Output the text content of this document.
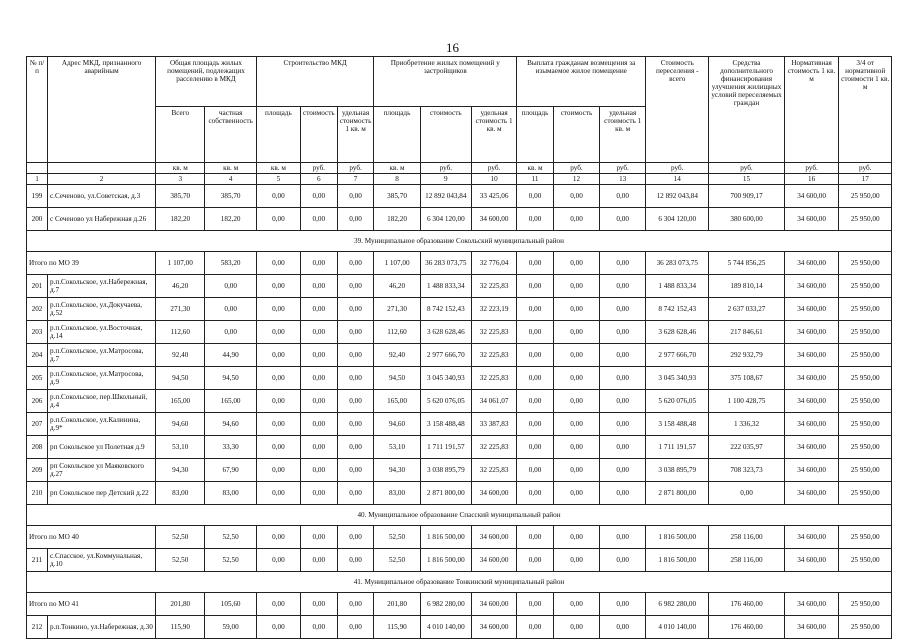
16
№ п/п	Адрес МКД, признанного аварийным	Общая площадь жилых помещений, подлежащих расселению в МКД		Строительство МКД			Приобретение жилых помещений у застройщиков			Выплата гражданам возмещения за изымаемое жилое помещение			Стоимость переселения - всего	Средства дополнительного финансирования улучшения жилищных условий переселяемых граждан	Нормативная стоимость 1 кв. м	3/4 от нормативной стоимости 1 кв. м
		Всего	частная собственность	площадь	стоимость	удельная стоимость 1 кв. м	площадь	стоимость	удельная стоимость 1 кв. м	площадь	стоимость	удельная стоимость 1 кв. м				
		кв. м	кв. м	кв. м	руб.	руб.	кв. м	руб.	руб.	кв. м	руб.	руб.	руб.	руб.	руб.	руб.
1	2	3	4	5	6	7	8	9	10	11	12	13	14	15	16	17
199	с.Сеченово, ул.Советская, д.3	385,70	385,70	0,00	0,00	0,00	385,70	12 892 043,84	33 425,06	0,00	0,00	0,00	12 892 043,84	700 909,17	34 600,00	25 950,00
200	с Сеченово ул Набережная д.26	182,20	182,20	0,00	0,00	0,00	182,20	6 304 120,00	34 600,00	0,00	0,00	0,00	6 304 120,00	380 600,00	34 600,00	25 950,00
39. Муниципальное образование Сокольский муниципальный район																
Итого по МО 39		1 107,00	583,20	0,00	0,00	0,00	1 107,00	36 283 073,75	32 776,04	0,00	0,00	0,00	36 283 073,75	5 744 856,25	34 600,00	25 950,00
201	р.п.Сокольское, ул.Набережная, д.7	46,20	0,00	0,00	0,00	0,00	46,20	1 488 833,34	32 225,83	0,00	0,00	0,00	1 488 833,34	189 810,14	34 600,00	25 950,00
202	р.п.Сокольское, ул.Докучаева, д.52	271,30	0,00	0,00	0,00	0,00	271,30	8 742 152,43	32 223,19	0,00	0,00	0,00	8 742 152,43	2 637 033,27	34 600,00	25 950,00
203	р.п.Сокольское, ул.Восточная, д.14	112,60	0,00	0,00	0,00	0,00	112,60	3 628 628,46	32 225,83	0,00	0,00	0,00	3 628 628,46	217 846,61	34 600,00	25 950,00
204	р.п.Сокольское, ул.Матросова, д.7	92,40	44,90	0,00	0,00	0,00	92,40	2 977 666,70	32 225,83	0,00	0,00	0,00	2 977 666,70	292 932,79	34 600,00	25 950,00
205	р.п.Сокольское, ул.Матросова, д.9	94,50	94,50	0,00	0,00	0,00	94,50	3 045 340,93	32 225,83	0,00	0,00	0,00	3 045 340,93	375 108,67	34 600,00	25 950,00
206	р.п.Сокольское, пер.Школьный, д.4	165,00	165,00	0,00	0,00	0,00	165,00	5 620 076,05	34 061,07	0,00	0,00	0,00	5 620 076,05	1 100 428,75	34 600,00	25 950,00
207	р.п.Сокольское, ул.Калинина, д.9*	94,60	94,60	0,00	0,00	0,00	94,60	3 158 488,48	33 387,83	0,00	0,00	0,00	3 158 488,48	1 336,32	34 600,00	25 950,00
208	рп Сокольское ул Полетная д.9	53,10	33,30	0,00	0,00	0,00	53,10	1 711 191,57	32 225,83	0,00	0,00	0,00	1 711 191,57	222 035,97	34 600,00	25 950,00
209	рп Сокольское ул Маяковского д.27	94,30	67,90	0,00	0,00	0,00	94,30	3 038 895,79	32 225,83	0,00	0,00	0,00	3 038 895,79	708 323,73	34 600,00	25 950,00
210	рп Сокольское пер Детский д.22	83,00	83,00	0,00	0,00	0,00	83,00	2 871 800,00	34 600,00	0,00	0,00	0,00	2 871 800,00	0,00	34 600,00	25 950,00
40. Муниципальное образование Спасский муниципальный район																
Итого по МО 40		52,50	52,50	0,00	0,00	0,00	52,50	1 816 500,00	34 600,00	0,00	0,00	0,00	1 816 500,00	258 116,00	34 600,00	25 950,00
211	с.Спасское, ул.Коммунальная, д.10	52,50	52,50	0,00	0,00	0,00	52,50	1 816 500,00	34 600,00	0,00	0,00	0,00	1 816 500,00	258 116,00	34 600,00	25 950,00
41. Муниципальное образование Тонкинский муниципальный район																
Итого по МО 41		201,80	105,60	0,00	0,00	0,00	201,80	6 982 280,00	34 600,00	0,00	0,00	0,00	6 982 280,00	176 460,00	34 600,00	25 950,00
212	р.п.Тонкино, ул.Набережная, д.30	115,90	59,00	0,00	0,00	0,00	115,90	4 010 140,00	34 600,00	0,00	0,00	0,00	4 010 140,00	176 460,00	34 600,00	25 950,00
